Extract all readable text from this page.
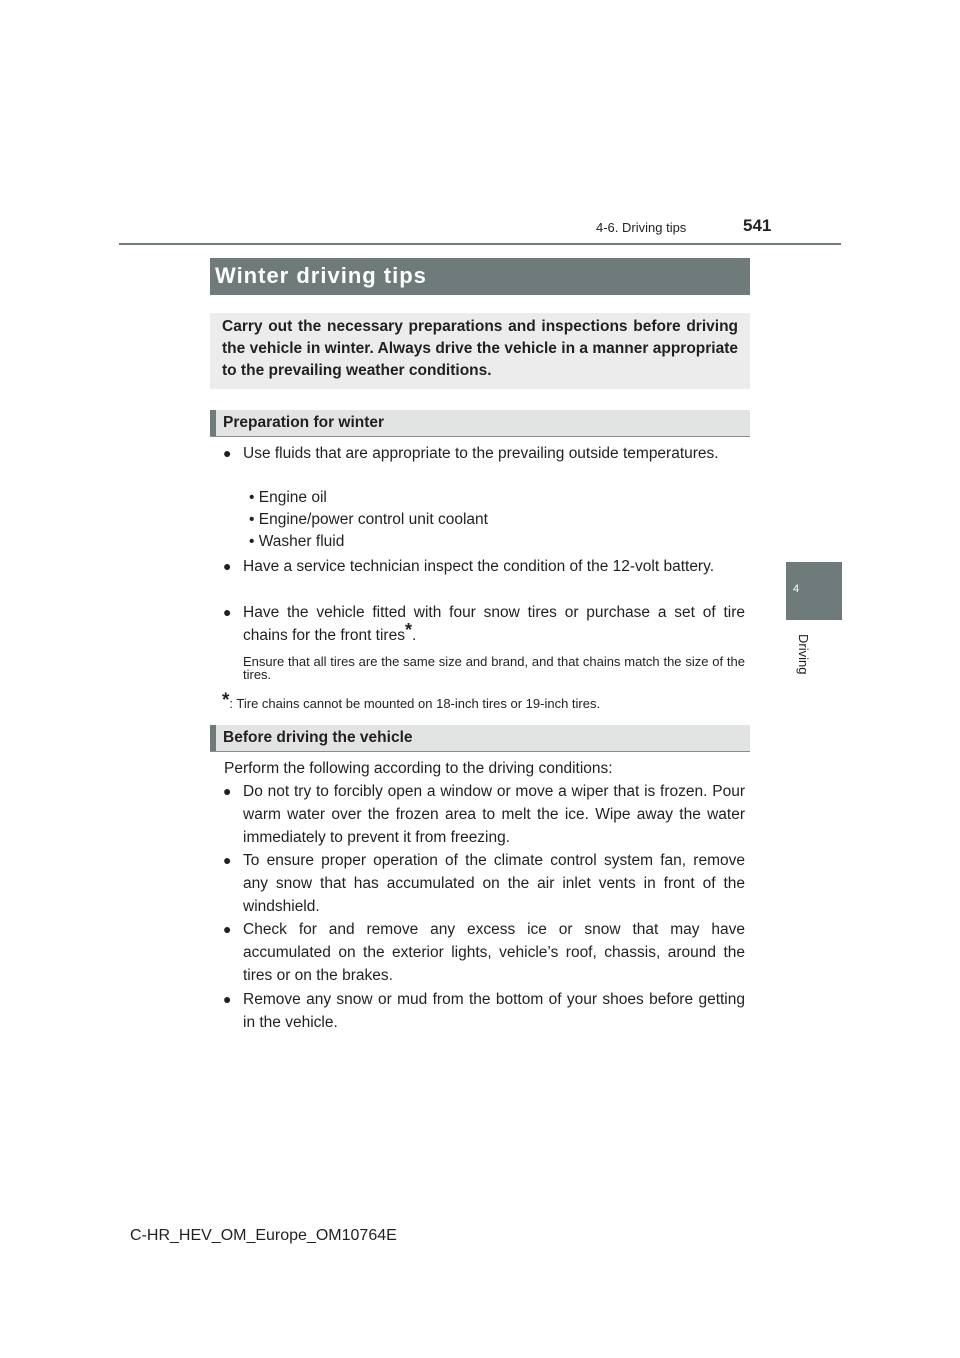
4-6. Driving tips	541
4
Driving
Winter driving tips
Carry out the necessary preparations and inspections before driving the vehicle in winter. Always drive the vehicle in a manner appropriate to the prevailing weather conditions.
Preparation for winter
● Use fluids that are appropriate to the prevailing outside temperatures.
• Engine oil
• Engine/power control unit coolant
• Washer fluid
● Have a service technician inspect the condition of the 12-volt battery.
● Have the vehicle fitted with four snow tires or purchase a set of tire chains for the front tires*.
Ensure that all tires are the same size and brand, and that chains match the size of the tires.
*: Tire chains cannot be mounted on 18-inch tires or 19-inch tires.
Before driving the vehicle
Perform the following according to the driving conditions:
● Do not try to forcibly open a window or move a wiper that is frozen. Pour warm water over the frozen area to melt the ice. Wipe away the water immediately to prevent it from freezing.
● To ensure proper operation of the climate control system fan, remove any snow that has accumulated on the air inlet vents in front of the windshield.
● Check for and remove any excess ice or snow that may have accumulated on the exterior lights, vehicle’s roof, chassis, around the tires or on the brakes.
● Remove any snow or mud from the bottom of your shoes before getting in the vehicle.
C-HR_HEV_OM_Europe_OM10764E
